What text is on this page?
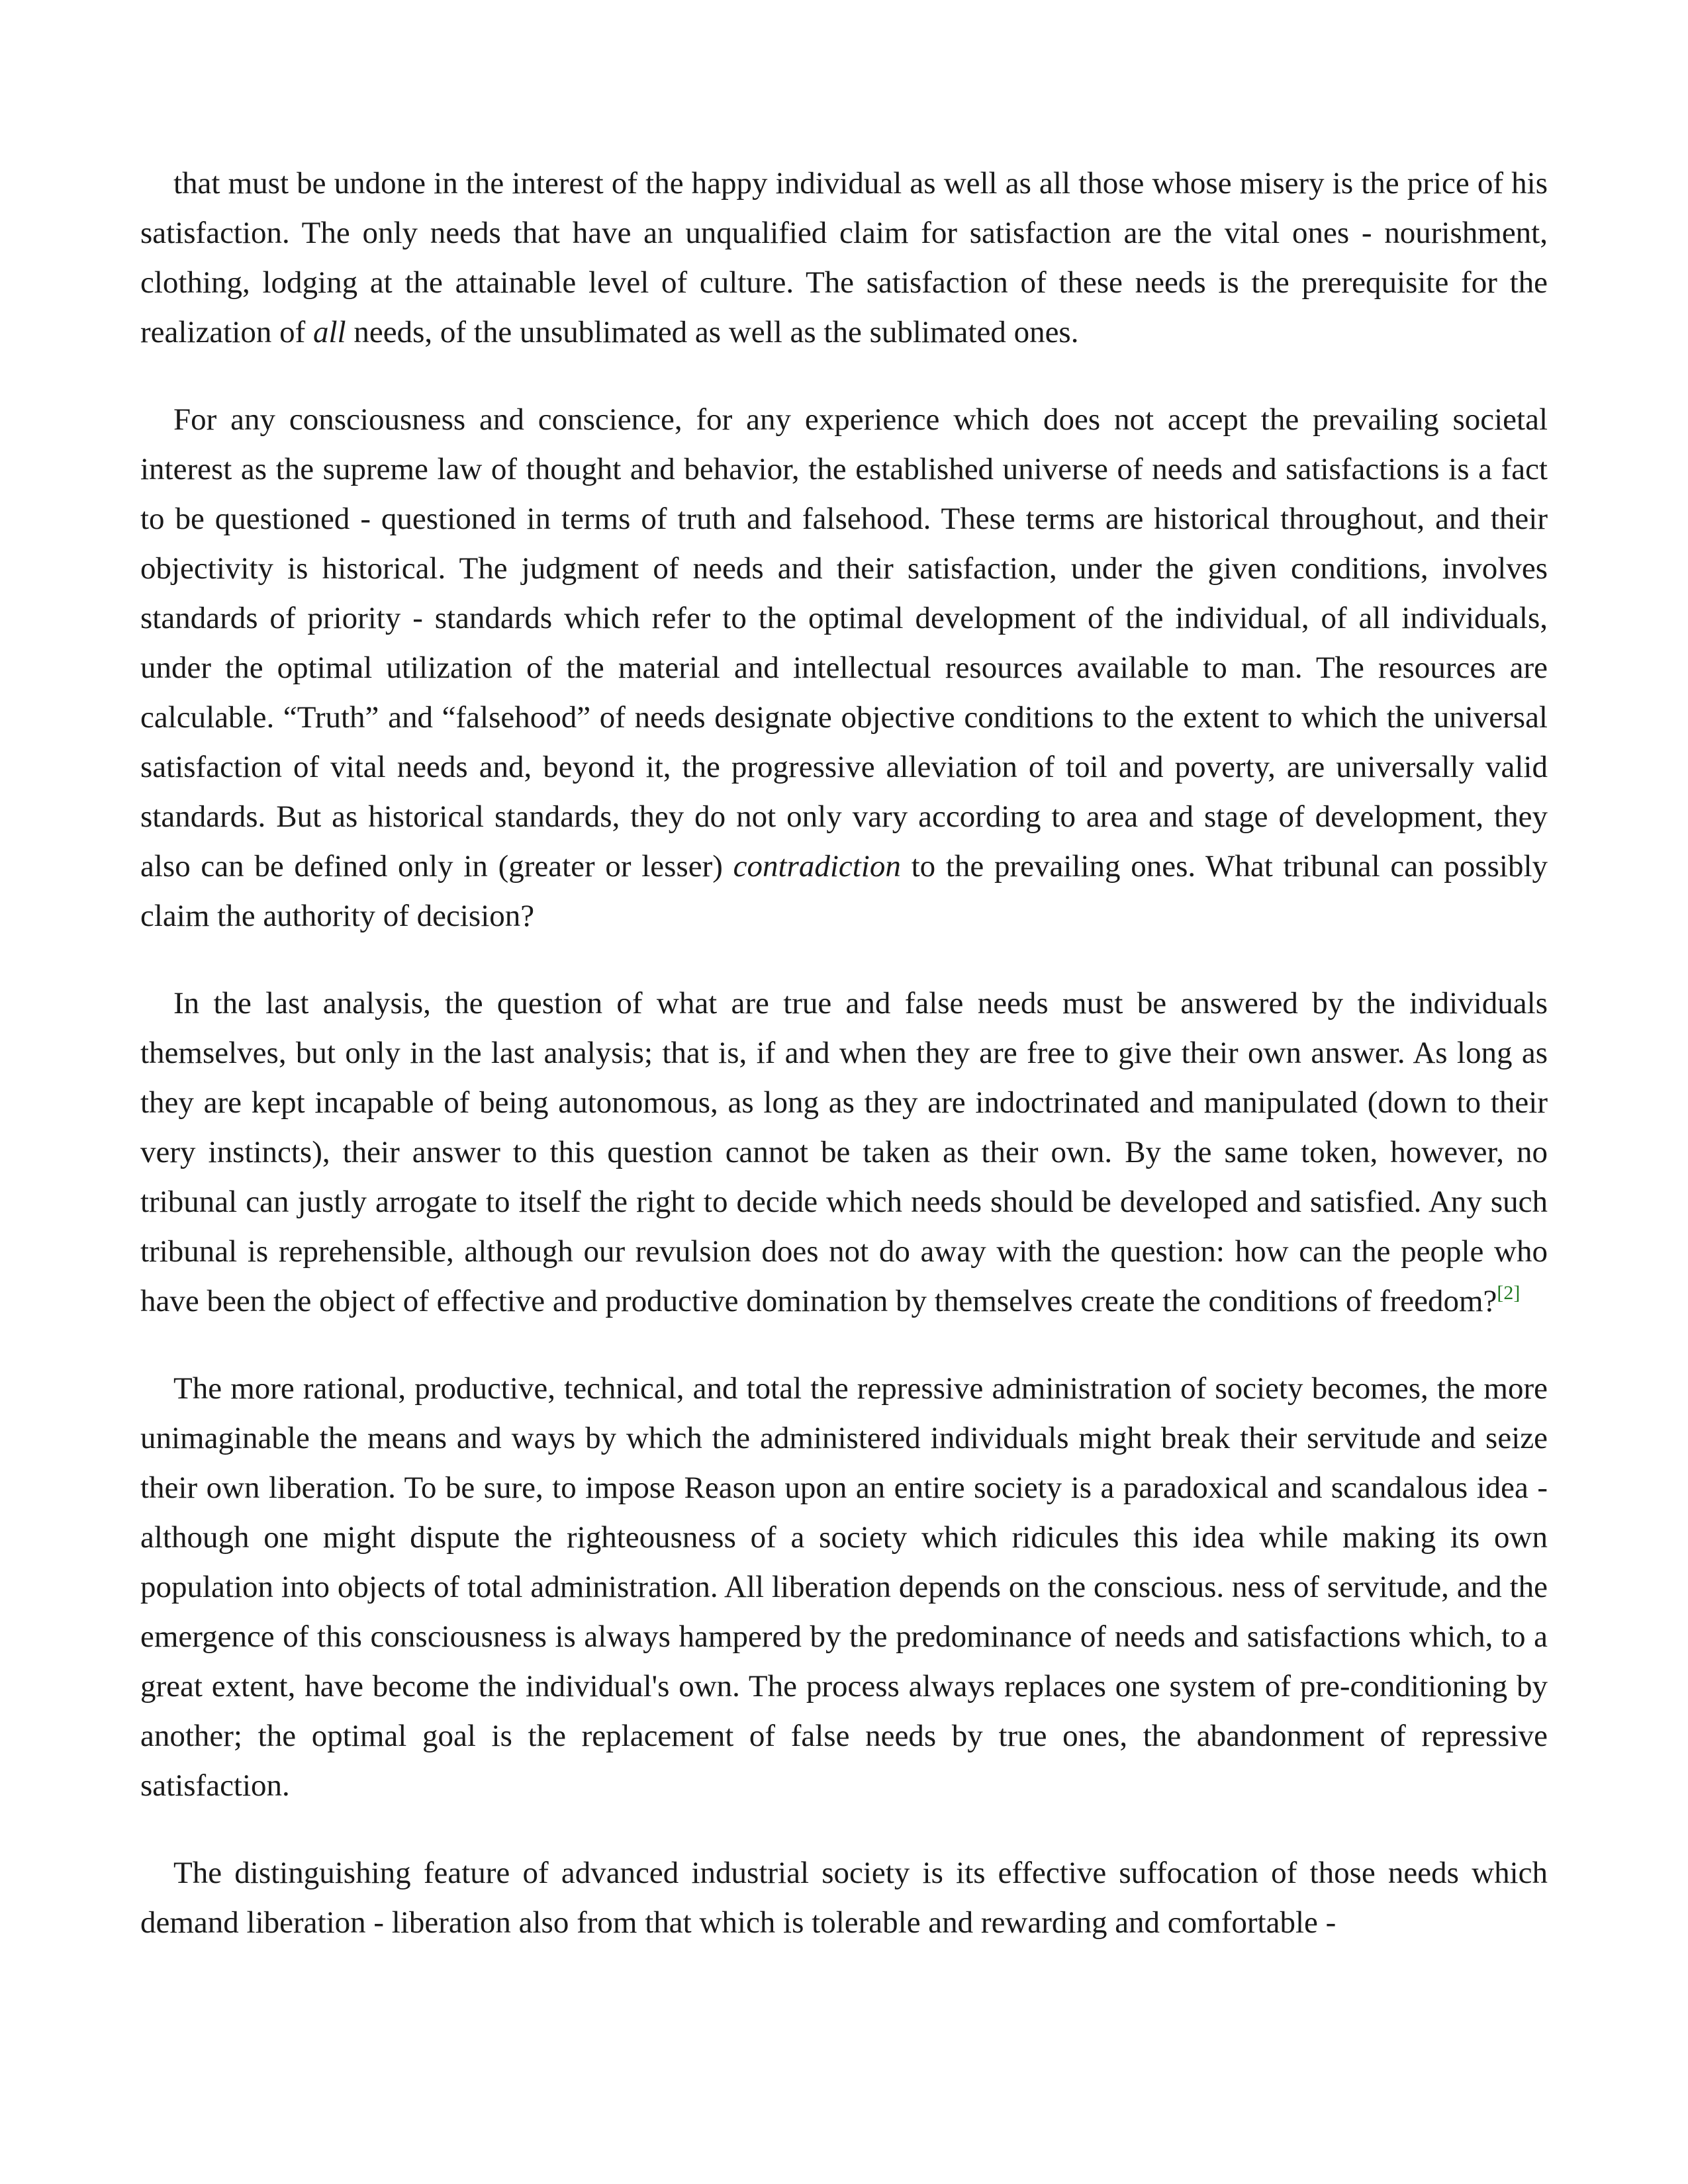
that must be undone in the interest of the happy individual as well as all those whose misery is the price of his satisfaction. The only needs that have an unqualified claim for satisfaction are the vital ones - nourishment, clothing, lodging at the attainable level of culture. The satisfaction of these needs is the prerequisite for the realization of all needs, of the unsublimated as well as the sublimated ones.

For any consciousness and conscience, for any experience which does not accept the prevailing societal interest as the supreme law of thought and behavior, the established universe of needs and satisfactions is a fact to be questioned - questioned in terms of truth and falsehood. These terms are historical throughout, and their objectivity is historical. The judgment of needs and their satisfaction, under the given conditions, involves standards of priority - standards which refer to the optimal development of the individual, of all individuals, under the optimal utilization of the material and intellectual resources available to man. The resources are calculable. “Truth” and “falsehood” of needs designate objective conditions to the extent to which the universal satisfaction of vital needs and, beyond it, the progressive alleviation of toil and poverty, are universally valid standards. But as historical standards, they do not only vary according to area and stage of development, they also can be defined only in (greater or lesser) contradiction to the prevailing ones. What tribunal can possibly claim the authority of decision?

In the last analysis, the question of what are true and false needs must be answered by the individuals themselves, but only in the last analysis; that is, if and when they are free to give their own answer. As long as they are kept incapable of being autonomous, as long as they are indoctrinated and manipulated (down to their very instincts), their answer to this question cannot be taken as their own. By the same token, however, no tribunal can justly arrogate to itself the right to decide which needs should be developed and satisfied. Any such tribunal is reprehensible, although our revulsion does not do away with the question: how can the people who have been the object of effective and productive domination by themselves create the conditions of freedom?[2]

The more rational, productive, technical, and total the repressive administration of society becomes, the more unimaginable the means and ways by which the administered individuals might break their servitude and seize their own liberation. To be sure, to impose Reason upon an entire society is a paradoxical and scandalous idea - although one might dispute the righteousness of a society which ridicules this idea while making its own population into objects of total administration. All liberation depends on the conscious. ness of servitude, and the emergence of this consciousness is always hampered by the predominance of needs and satisfactions which, to a great extent, have become the individual's own. The process always replaces one system of pre-conditioning by another; the optimal goal is the replacement of false needs by true ones, the abandonment of repressive satisfaction.

The distinguishing feature of advanced industrial society is its effective suffocation of those needs which demand liberation - liberation also from that which is tolerable and rewarding and comfortable -
